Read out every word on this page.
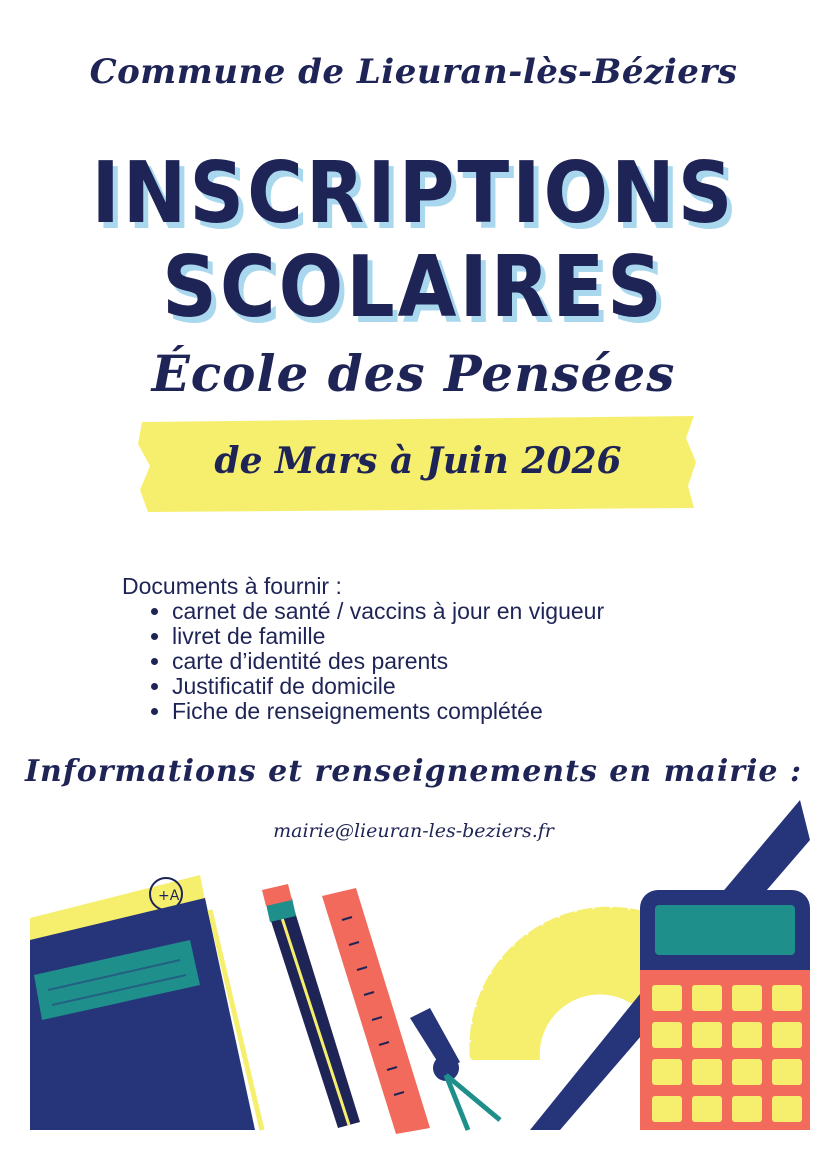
Commune de Lieuran-lès-Béziers
INSCRIPTIONS
SCOLAIRES
École des Pensées
de Mars à Juin 2026
Documents à fournir :
• carnet de santé / vaccins à jour en vigueur
• livret de famille
• carte d’identité des parents
• Justificatif de domicile
• Fiche de renseignements complétée
Informations et renseignements en mairie :
mairie@lieuran-les-beziers.fr
+A
